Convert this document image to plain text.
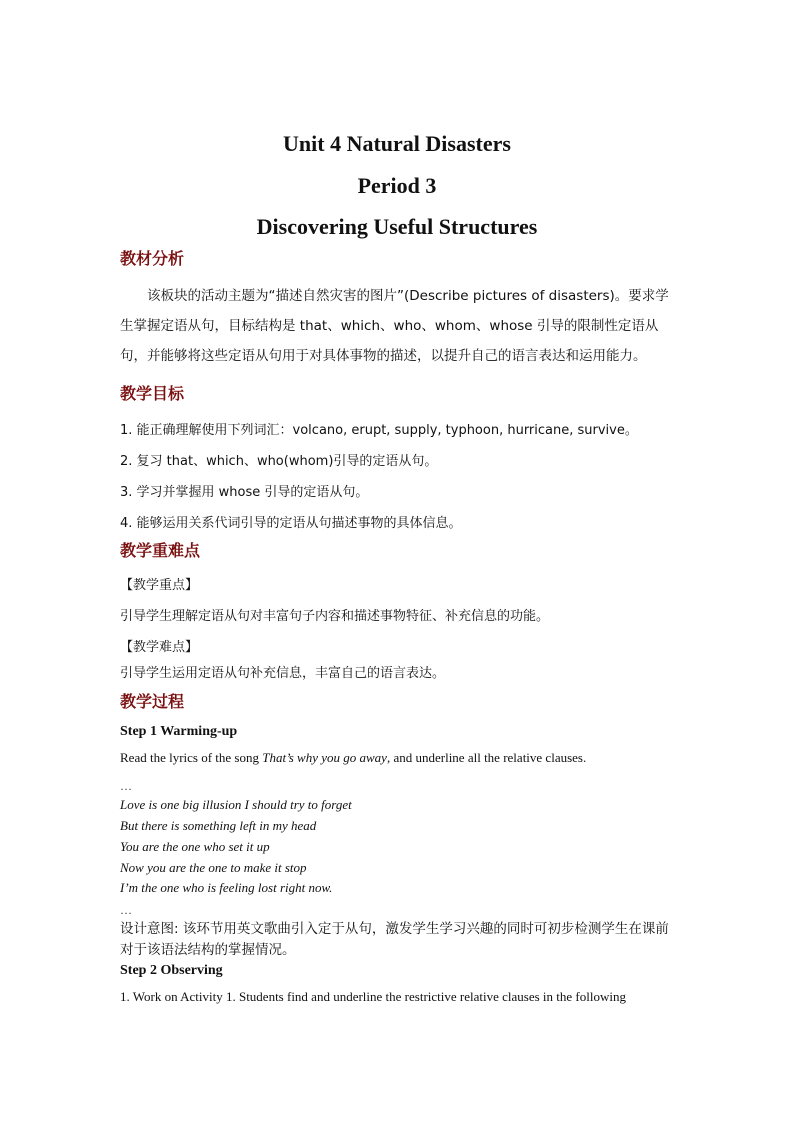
Unit 4 Natural Disasters
Period 3
Discovering Useful Structures
教材分析
该板块的活动主题为“描述自然灾害的图片”(Describe pictures of disasters)。要求学生掌握定语从句，目标结构是 that、which、who、whom、whose 引导的限制性定语从句，并能够将这些定语从句用于对具体事物的描述，以提升自己的语言表达和运用能力。
教学目标
1. 能正确理解使用下列词汇：volcano, erupt, supply, typhoon, hurricane, survive。
2. 复习 that、which、who(whom)引导的定语从句。
3. 学习并掌握用 whose 引导的定语从句。
4. 能够运用关系代词引导的定语从句描述事物的具体信息。
教学重难点
【教学重点】
引导学生理解定语从句对丰富句子内容和描述事物特征、补充信息的功能。
【教学难点】
引导学生运用定语从句补充信息，丰富自己的语言表达。
教学过程
Step 1 Warming-up
Read the lyrics of the song That’s why you go away, and underline all the relative clauses.
…
Love is one big illusion I should try to forget
But there is something left in my head
You are the one who set it up
Now you are the one to make it stop
I’m the one who is feeling lost right now.
…
设计意图: 该环节用英文歌曲引入定于从句，激发学生学习兴趣的同时可初步检测学生在课前对于该语法结构的掌握情况。
Step 2 Observing
1. Work on Activity 1. Students find and underline the restrictive relative clauses in the following
